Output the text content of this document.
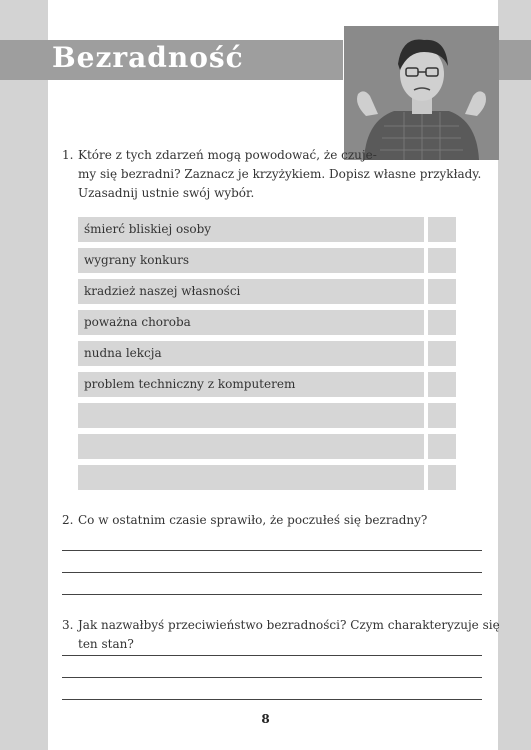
Bezradność
1. Które z tych zdarzeń mogą powodować, że czuje-
my się bezradni? Zaznacz je krzyżykiem. Dopisz własne przykłady.
Uzasadnij ustnie swój wybór.
śmierć bliskiej osoby
wygrany konkurs
kradzież naszej własności
poważna choroba
nudna lekcja
problem techniczny z komputerem
2. Co w ostatnim czasie sprawiło, że poczułeś się bezradny?
3. Jak nazwałbyś przeciwieństwo bezradności? Czym charakteryzuje się ten stan?
8
